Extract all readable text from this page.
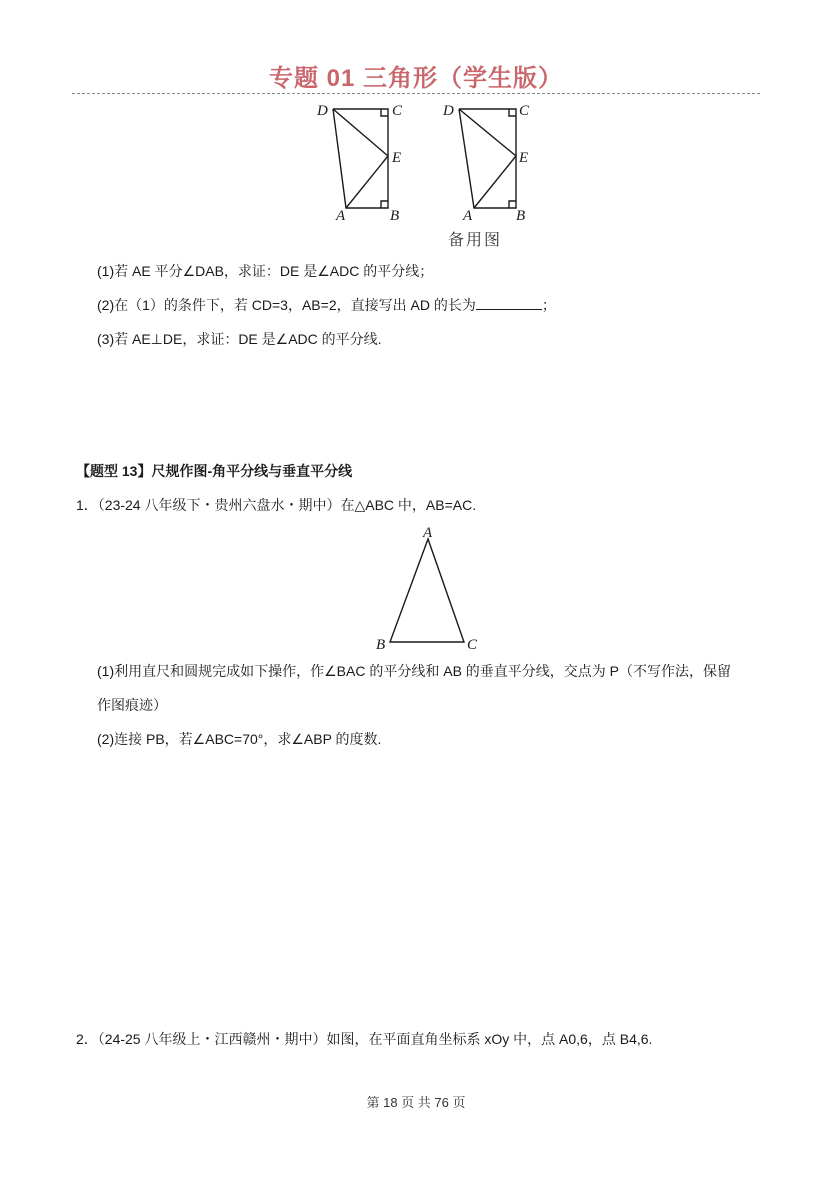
专题 01 三角形（学生版）
D	C
E
A	B
D	C
E
A	B
备用图
(1)若 AE 平分∠DAB，求证：DE 是∠ADC 的平分线；
(2)在（1）的条件下，若 CD=3，AB=2，直接写出 AD 的长为	；
(3)若 AE⊥DE，求证：DE 是∠ADC 的平分线.
【题型 13】尺规作图-角平分线与垂直平分线
1．（23-24 八年级下・贵州六盘水・期中）在△ABC 中，AB=AC.
A
B	C
(1)利用直尺和圆规完成如下操作，作∠BAC 的平分线和 AB 的垂直平分线，交点为 P（不写作法，保留
作图痕迹）
(2)连接 PB，若∠ABC=70°，求∠ABP 的度数.
2．（24-25 八年级上・江西赣州・期中）如图，在平面直角坐标系 xOy 中，点 A0,6，点 B4,6.
第 18 页 共 76 页
